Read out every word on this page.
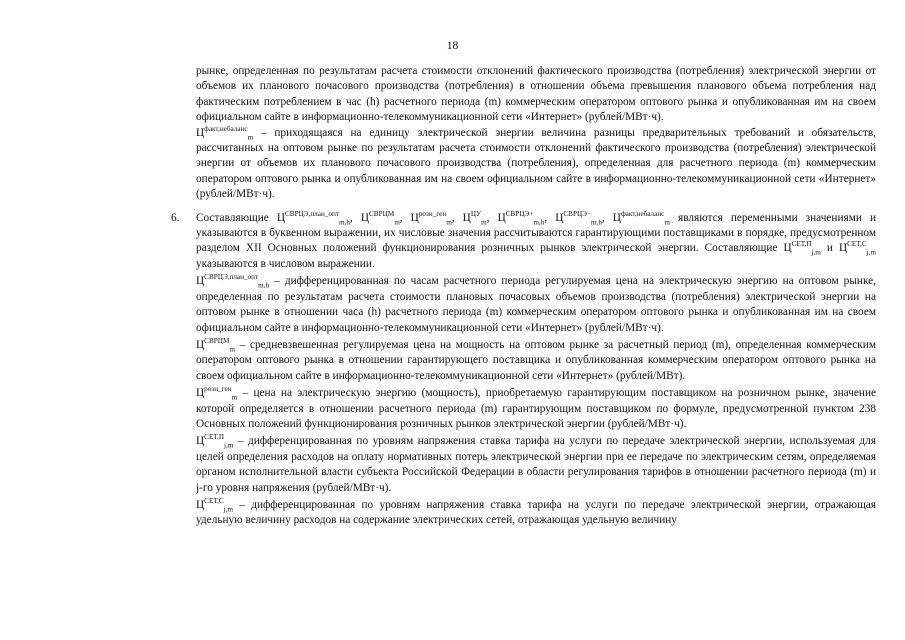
18

рынке, определенная по результатам расчета стоимости отклонений фактического производства (потребления) электрической энергии от объемов их планового почасового производства (потребления) в отношении объема превышения планового объема потребления над фактическим потреблением в час (h) расчетного периода (m) коммерческим оператором оптового рынка и опубликованная им на своем официальном сайте в информационно-телекоммуникационной сети «Интернет» (рублей/МВт·ч).

$Ц^{факт,небаланс}_m$ – приходящаяся на единицу электрической энергии величина разницы предварительных требований и обязательств, рассчитанных на оптовом рынке по результатам расчета стоимости отклонений фактического производства (потребления) электрической энергии от объемов их планового почасового производства (потребления), определенная для расчетного периода (m) коммерческим оператором оптового рынка и опубликованная им на своем официальном сайте в информационно-телекоммуникационной сети «Интернет» (рублей/МВт·ч).

6. Составляющие $Ц^{СВРЦЭ,план\_опт}_{m,h}$, $Ц^{СВРЦМ}_m$, $Ц^{розн\_ген}_m$, $Ц^{ЦУ}_m$, $Ц^{СВРЦЭ+}_{m,h}$, $Ц^{СВРЦЭ-}_{m,h}$, $Ц^{факт,небаланс}_m$ являются переменными значениями и указываются в буквенном выражении, их числовые значения рассчитываются гарантирующими поставщиками в порядке, предусмотренном разделом XII Основных положений функционирования розничных рынков электрической энергии. Составляющие $Ц^{СЕТ,П}_{j,m}$ и $Ц^{СЕТ,С}_{j,m}$ указываются в числовом выражении.

$Ц^{СВРЦЭ,план\_опт}_{m,h}$ – дифференцированная по часам расчетного периода регулируемая цена на электрическую энергию на оптовом рынке, определенная по результатам расчета стоимости плановых почасовых объемов производства (потребления) электрической энергии на оптовом рынке в отношении часа (h) расчетного периода (m) коммерческим оператором оптового рынка и опубликованная им на своем официальном сайте в информационно-телекоммуникационной сети «Интернет» (рублей/МВт·ч).

$Ц^{СВРЦМ}_m$ – средневзвешенная регулируемая цена на мощность на оптовом рынке за расчетный период (m), определенная коммерческим оператором оптового рынка в отношении гарантирующего поставщика и опубликованная коммерческим оператором оптового рынка на своем официальном сайте в информационно-телекоммуникационной сети «Интернет» (рублей/МВт).

$Ц^{розн\_ген}_m$ – цена на электрическую энергию (мощность), приобретаемую гарантирующим поставщиком на розничном рынке, значение которой определяется в отношении расчетного периода (m) гарантирующим поставщиком по формуле, предусмотренной пунктом 238 Основных положений функционирования розничных рынков электрической энергии (рублей/МВт·ч).

$Ц^{СЕТ,П}_{j,m}$ – дифференцированная по уровням напряжения ставка тарифа на услуги по передаче электрической энергии, используемая для целей определения расходов на оплату нормативных потерь электрической энергии при ее передаче по электрическим сетям, определяемая органом исполнительной власти субъекта Российской Федерации в области регулирования тарифов в отношении расчетного периода (m) и j-го уровня напряжения (рублей/МВт·ч).

$Ц^{СЕТ,С}_{j,m}$ – дифференцированная по уровням напряжения ставка тарифа на услуги по передаче электрической энергии, отражающая удельную величину расходов на содержание электрических сетей, отражающая удельную величину
